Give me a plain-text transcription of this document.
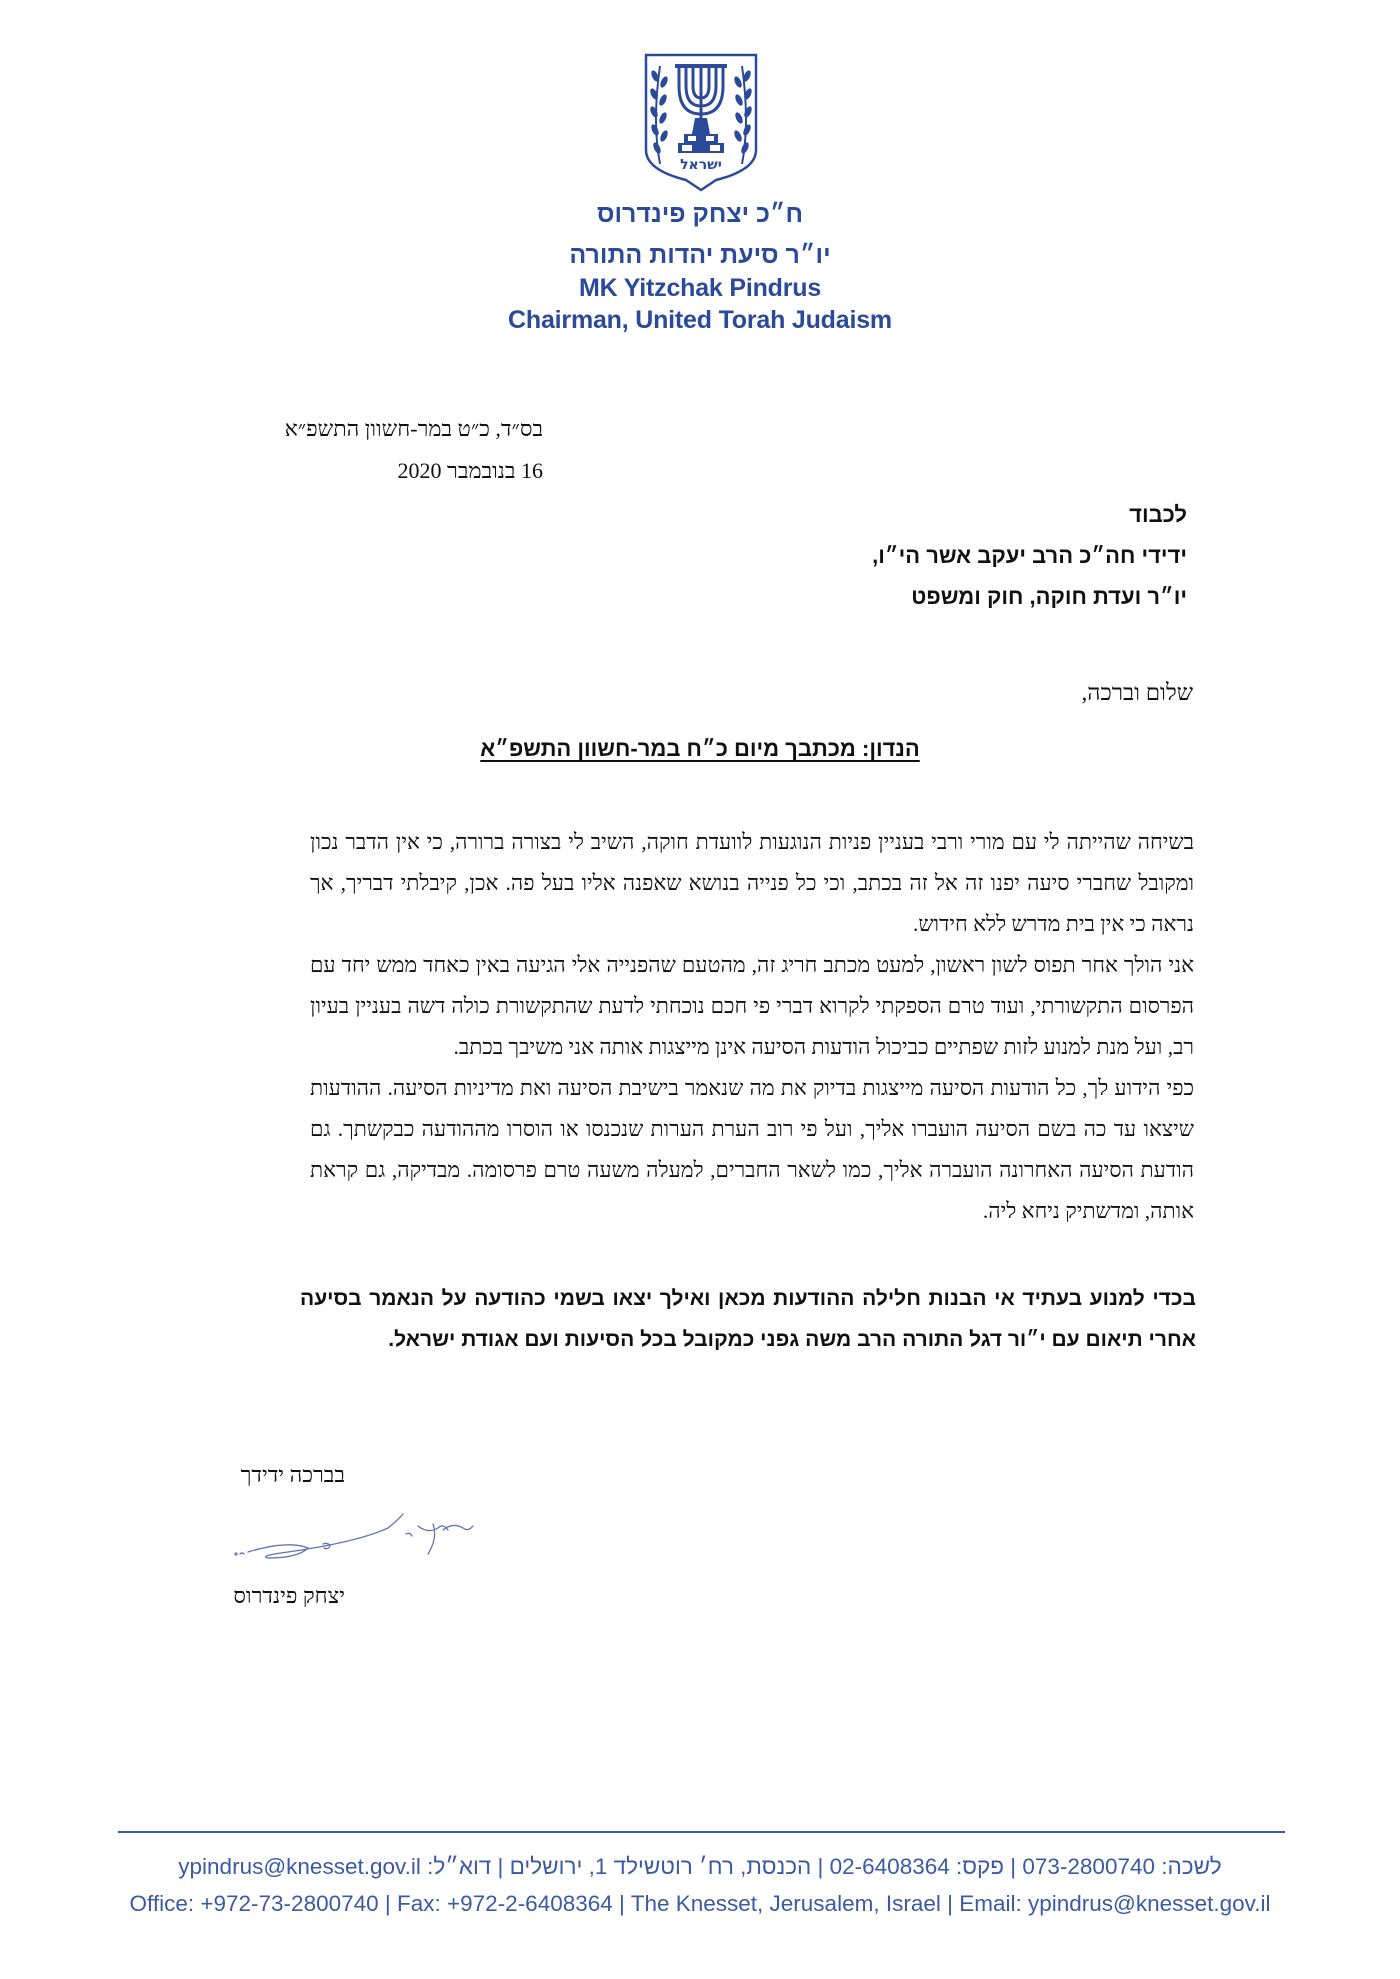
ישראל
ח״כ יצחק פינדרוס
יו״ר סיעת יהדות התורה
MK Yitzchak Pindrus
Chairman, United Torah Judaism
בס״ד, כ״ט במר-חשוון התשפ״א
16 בנובמבר 2020
לכבוד
ידידי חה״כ הרב יעקב אשר הי״ו,
יו״ר ועדת חוקה, חוק ומשפט
שלום וברכה,
הנדון: מכתבך מיום כ״ח במר-חשוון התשפ״א

בשיחה שהייתה לי עם מורי ורבי בעניין פניות הנוגעות לוועדת חוקה, השיב לי בצורה ברורה, כי אין הדבר נכון ומקובל שחברי סיעה יפנו זה אל זה בכתב, וכי כל פנייה בנושא שאפנה אליו בעל פה. אכן, קיבלתי דבריך, אך נראה כי אין בית מדרש ללא חידוש.

אני הולך אחר תפוס לשון ראשון, למעט מכתב חריג זה, מהטעם שהפנייה אלי הגיעה באין כאחד ממש יחד עם הפרסום התקשורתי, ועוד טרם הספקתי לקרוא דברי פי חכם נוכחתי לדעת שהתקשורת כולה דשה בעניין בעיון רב, ועל מנת למנוע לזות שפתיים כביכול הודעות הסיעה אינן מייצגות אותה אני משיבך בכתב.

כפי הידוע לך, כל הודעות הסיעה מייצגות בדיוק את מה שנאמר בישיבת הסיעה ואת מדיניות הסיעה. ההודעות שיצאו עד כה בשם הסיעה הועברו אליך, ועל פי רוב הערת הערות שנכנסו או הוסרו מההודעה כבקשתך. גם הודעת הסיעה האחרונה הועברה אליך, כמו לשאר החברים, למעלה משעה טרם פרסומה. מבדיקה, גם קראת אותה, ומדשתיק ניחא ליה.

בכדי למנוע בעתיד אי הבנות חלילה ההודעות מכאן ואילך יצאו בשמי כהודעה על הנאמר בסיעה אחרי תיאום עם י״ור דגל התורה הרב משה גפני כמקובל בכל הסיעות ועם אגודת ישראל.
בברכה ידידך
יצחק פינדרוס
לשכה: 073-2800740 | פקס: 02-6408364 | הכנסת, רח׳ רוטשילד 1, ירושלים | דוא״ל: ypindrus@knesset.gov.il
Office: +972-73-2800740 | Fax: +972-2-6408364 | The Knesset, Jerusalem, Israel | Email: ypindrus@knesset.gov.il
